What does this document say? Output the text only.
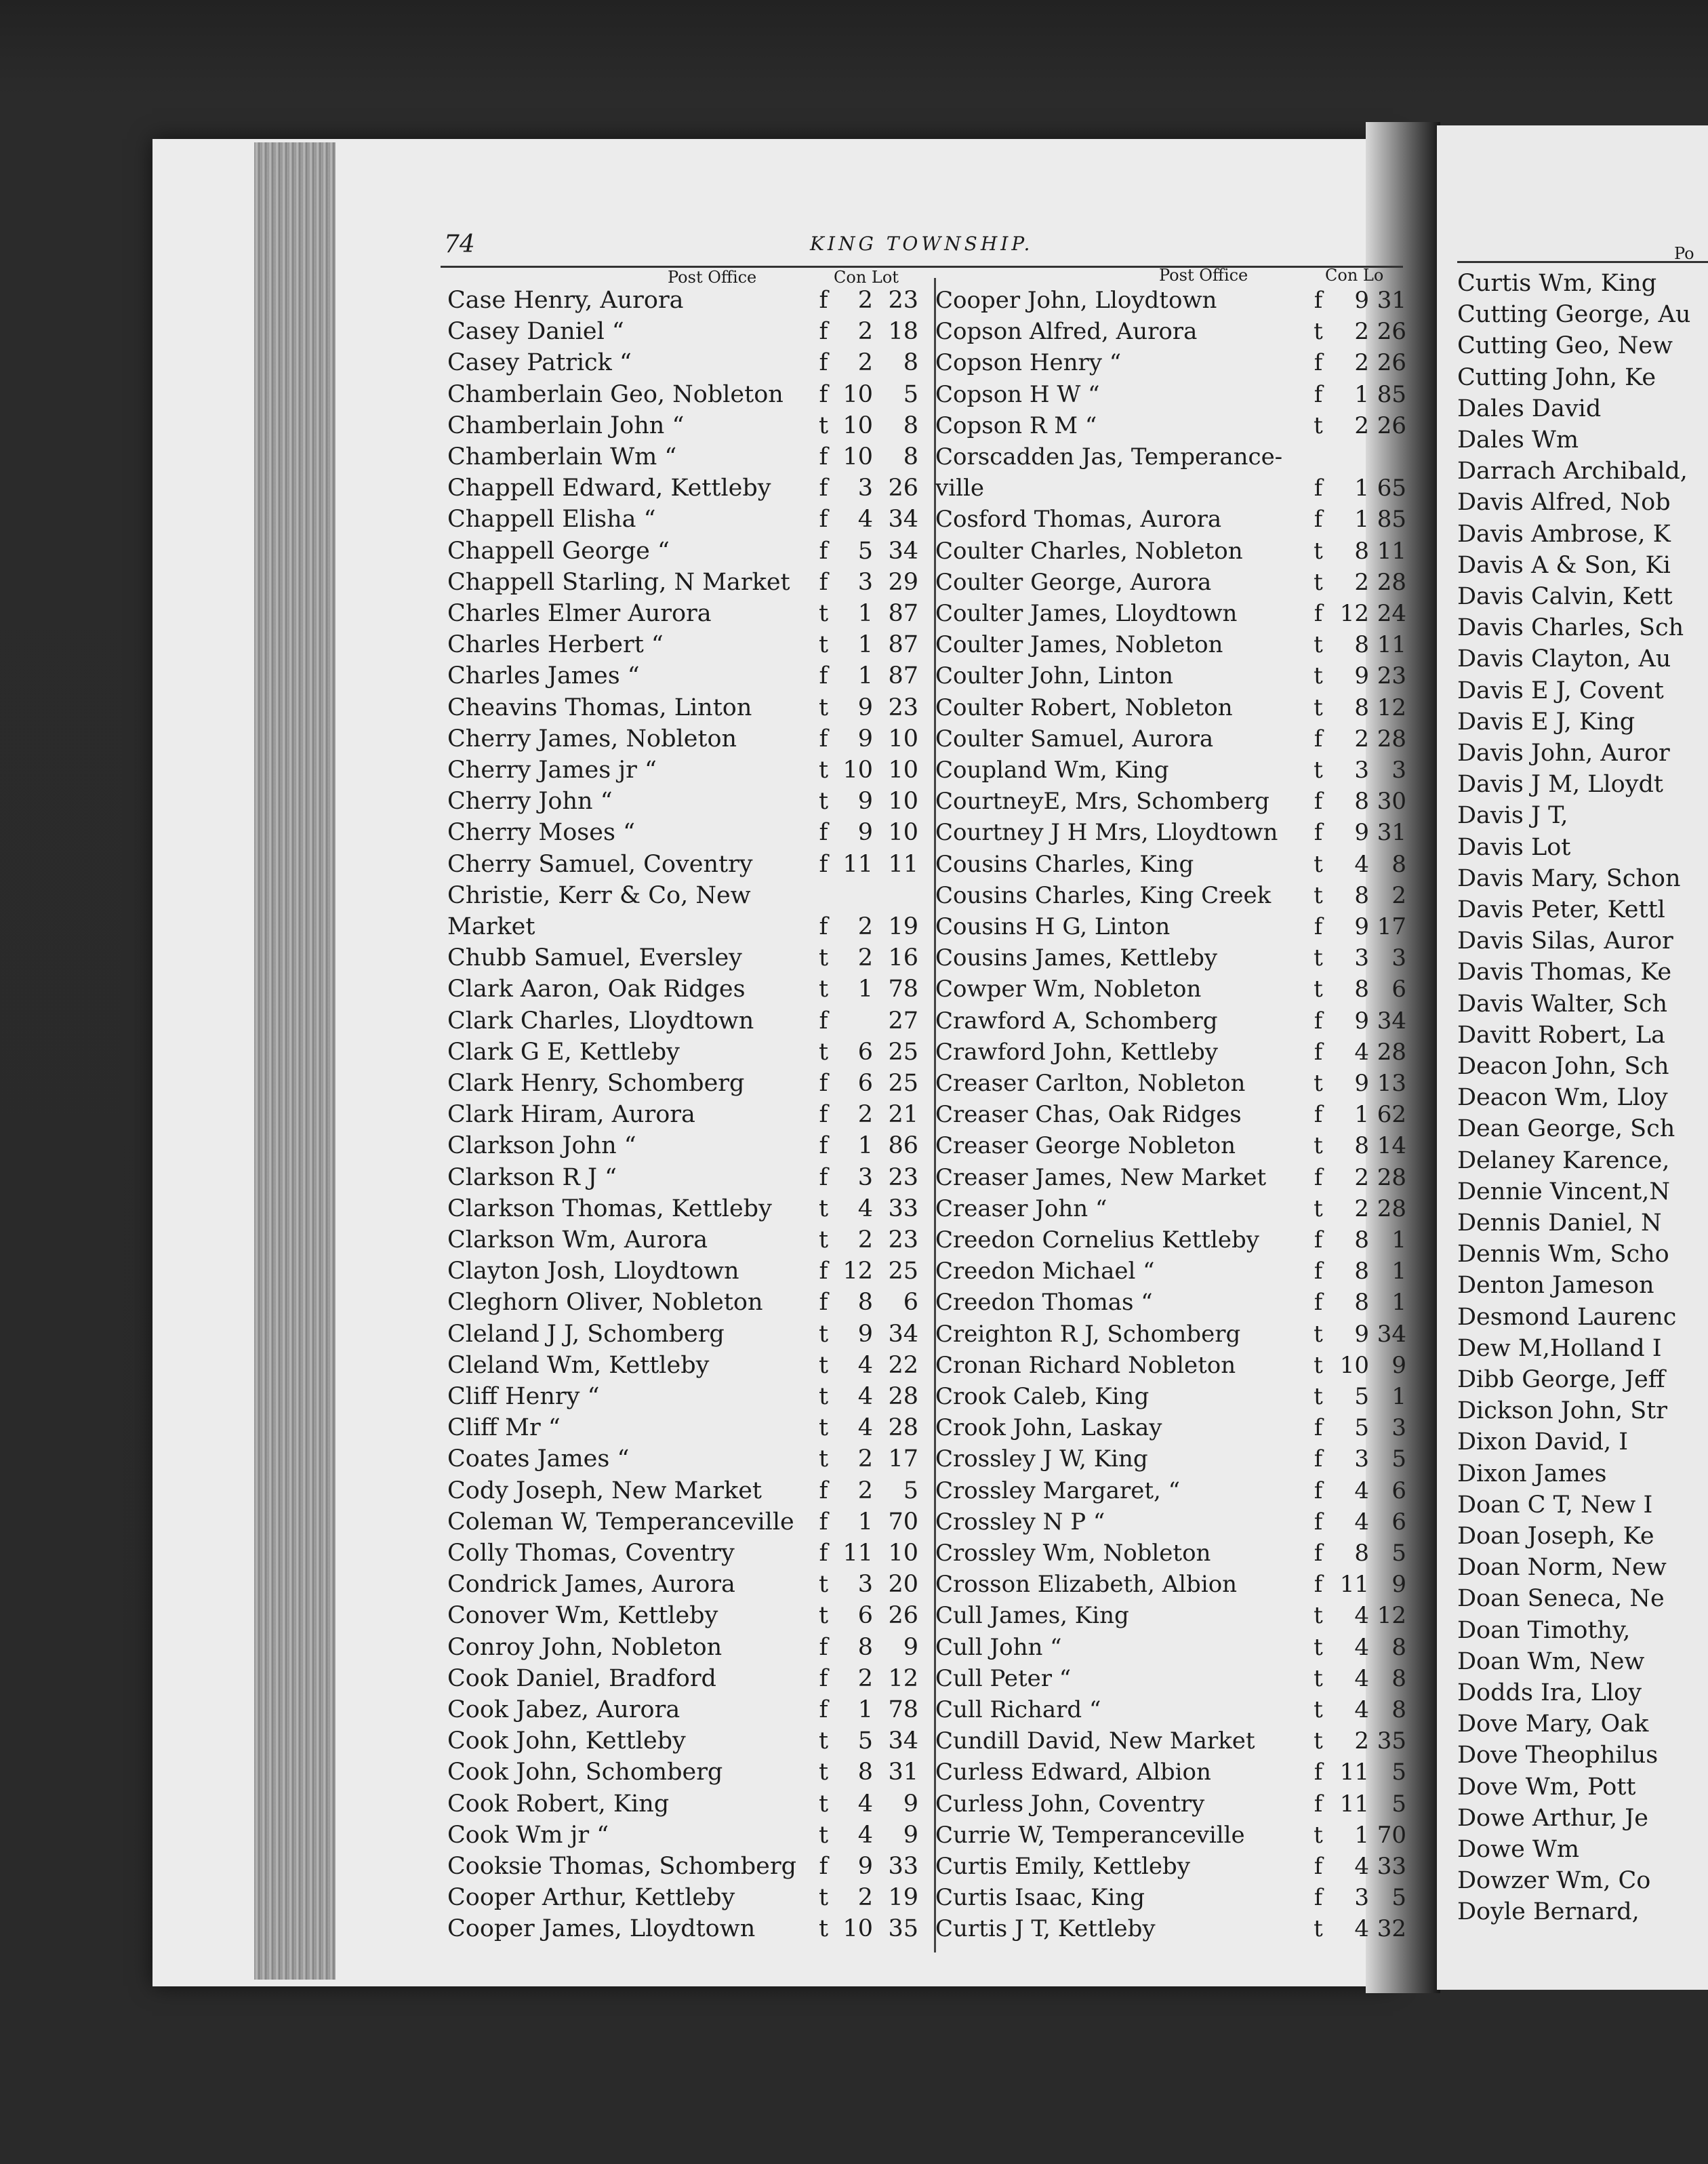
74	KING TOWNSHIP.
Post Office	Con Lot	Post Office	Con Lo
Case Henry, Aurora	f	2 23
Casey Daniel “	f	2 18
Casey Patrick “	f	2	8
Chamberlain Geo, Nobleton f 10	5
Chamberlain John “	t 10	8
Chamberlain Wm “	f 10	8
Chappell Edward, Kettleby f	3 26
Chappell Elisha “	f	4 34
Chappell George “	f	5 34
Chappell Starling, N Market f	3 29
Charles Elmer Aurora	t	1 87
Charles Herbert “	t	1 87
Charles James “	f	1 87
Cheavins Thomas, Linton	t	9 23
Cherry James, Nobleton	f	9 10
Cherry James jr “	t 10 10
Cherry John “	t	9 10
Cherry Moses “	f	9 10
Cherry Samuel, Coventry	f 11 11
Christie, Kerr & Co, New
Market	f	2 19
Chubb Samuel, Eversley	t	2 16
Clark Aaron, Oak Ridges	t	1 78
Clark Charles, Lloydtown	f	27
Clark G E, Kettleby	t	6 25
Clark Henry, Schomberg	f	6 25
Clark Hiram, Aurora	f	2 21
Clarkson John “	f	1 86
Clarkson R J “	f	3 23
Clarkson Thomas, Kettleby t	4 33
Clarkson Wm, Aurora	t	2 23
Clayton Josh, Lloydtown	f 12 25
Cleghorn Oliver, Nobleton f	8	6
Cleland J J, Schomberg	t	9 34
Cleland Wm, Kettleby	t	4 22
Cliff Henry “	t	4 28
Cliff Mr “	t	4 28
Coates James “	t	2 17
Cody Joseph, New Market f	2	5
Coleman W, Temperanceville f	1 70
Colly Thomas, Coventry	f 11 10
Condrick James, Aurora	t	3 20
Conover Wm, Kettleby	t	6 26
Conroy John, Nobleton	f	8	9
Cook Daniel, Bradford	f	2 12
Cook Jabez, Aurora	f	1 78
Cook John, Kettleby	t	5 34
Cook John, Schomberg	t	8 31
Cook Robert, King	t	4	9
Cook Wm jr “	t	4	9
Cooksie Thomas, Schomberg f	9 33
Cooper Arthur, Kettleby	t	2 19
Cooper James, Lloydtown	t 10 35
Cooper John, Lloydtown	f	9 31
Copson Alfred, Aurora	t	2 26
Copson Henry “	f	2 26
Copson H W “	f	1 85
Copson R M “	t	2 26
Corscadden Jas, Temperance-
ville	f	1 65
Cosford Thomas, Aurora	f	1 85
Coulter Charles, Nobleton	t	8 11
Coulter George, Aurora	t	2 28
Coulter James, Lloydtown	f 12 24
Coulter James, Nobleton	t	8 11
Coulter John, Linton	t	9 23
Coulter Robert, Nobleton	t	8 12
Coulter Samuel, Aurora	f	2 28
Coupland Wm, King	t	3 3
CourtneyE, Mrs, Schomberg f	8 30
Courtney J H Mrs, Lloydtown f	9 31
Cousins Charles, King	t	4 8
Cousins Charles, King Creek t	8 2
Cousins H G, Linton	f	9 17
Cousins James, Kettleby	t	3 3
Cowper Wm, Nobleton	t	8 6
Crawford A, Schomberg	f	9 34
Crawford John, Kettleby	f	4 28
Creaser Carlton, Nobleton	t	9 13
Creaser Chas, Oak Ridges	f	1 62
Creaser George Nobleton	t	8 14
Creaser James, New Market f	2 28
Creaser John “	t	2 28
Creedon Cornelius Kettleby f	8 1
Creedon Michael “	f	8 1
Creedon Thomas “	f	8 1
Creighton R J, Schomberg	t	9 34
Cronan Richard Nobleton	t 10 9
Crook Caleb, King	t	5 1
Crook John, Laskay	f	5 3
Crossley J W, King	f	3 5
Crossley Margaret, “	f	4 6
Crossley N P “	f	4 6
Crossley Wm, Nobleton	f	8 5
Crosson Elizabeth, Albion	f 11 9
Cull James, King	t	4 12
Cull John “	t	4 8
Cull Peter “	t	4 8
Cull Richard “	t	4 8
Cundill David, New Market	t	2 35
Curless Edward, Albion	f 11 5
Curless John, Coventry	f 11 5
Currie W, Temperanceville	t	1 70
Curtis Emily, Kettleby	f	4 33
Curtis Isaac, King	f	3 5
Curtis J T, Kettleby	t	4 32
Po
Curtis Wm, King
Cutting George, Au
Cutting Geo, New
Cutting John, Ke
Dales David
Dales Wm
Darrach Archibald,
Davis Alfred, Nob
Davis Ambrose, K
Davis A & Son, Ki
Davis Calvin, Kett
Davis Charles, Sch
Davis Clayton, Au
Davis E J, Covent
Davis E J, King
Davis John, Auror
Davis J M, Lloydt
Davis J T,
Davis Lot
Davis Mary, Schon
Davis Peter, Kettl
Davis Silas, Auror
Davis Thomas, Ke
Davis Walter, Sch
Davitt Robert, La
Deacon John, Sch
Deacon Wm, Lloy
Dean George, Sch
Delaney Karence,
Dennie Vincent,N
Dennis Daniel, N
Dennis Wm, Scho
Denton Jameson
Desmond Laurenc
Dew M,Holland I
Dibb George, Jeff
Dickson John, Str
Dixon David, I
Dixon James
Doan C T, New I
Doan Joseph, Ke
Doan Norm, New
Doan Seneca, Ne
Doan Timothy,
Doan Wm, New
Dodds Ira, Lloy
Dove Mary, Oak
Dove Theophilus
Dove Wm, Pott
Dowe Arthur, Je
Dowe Wm
Dowzer Wm, Co
Doyle Bernard,
